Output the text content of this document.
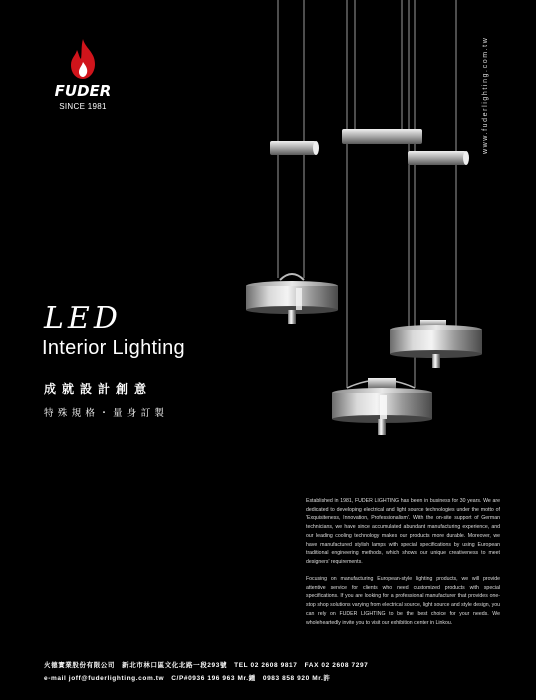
FUDER
SINCE 1981	www.fuderlighting.com.tw
LED
Interior Lighting
成就設計創意
特殊規格・量身訂製
Established in 1981, FUDER LIGHTING has been in business for 30 years. We are dedicated to developing electrical and light source technologies under the motto of 'Exquisiteness, Innovation, Professionalism'. With the on-site support of German technicians, we have since accumulated abundant manufacturing experience, and our leading cooling technology makes our products more durable. Moreover, we have manufactured stylish lamps with special specifications by using European traditional engineering methods, which shows our unique creativeness to meet designers' requirements.
Focusing on manufacturing European-style lighting products, we will provide attentive service for clients who need customized products with special specifications. If you are looking for a professional manufacturer that provides one-stop shop solutions varying from electrical source, light source and style design, you can rely on FUDER LIGHTING to be the best choice for your needs. We wholeheartedly invite you to visit our exhibition center in Linkou.
火德實業股份有限公司　新北市林口區文化北路一段293號　TEL 02 2608 9817　FAX 02 2608 7297
e-mail joff@fuderlighting.com.tw　C/P#0936 196 963 Mr.鍾　0983 858 920 Mr.許
